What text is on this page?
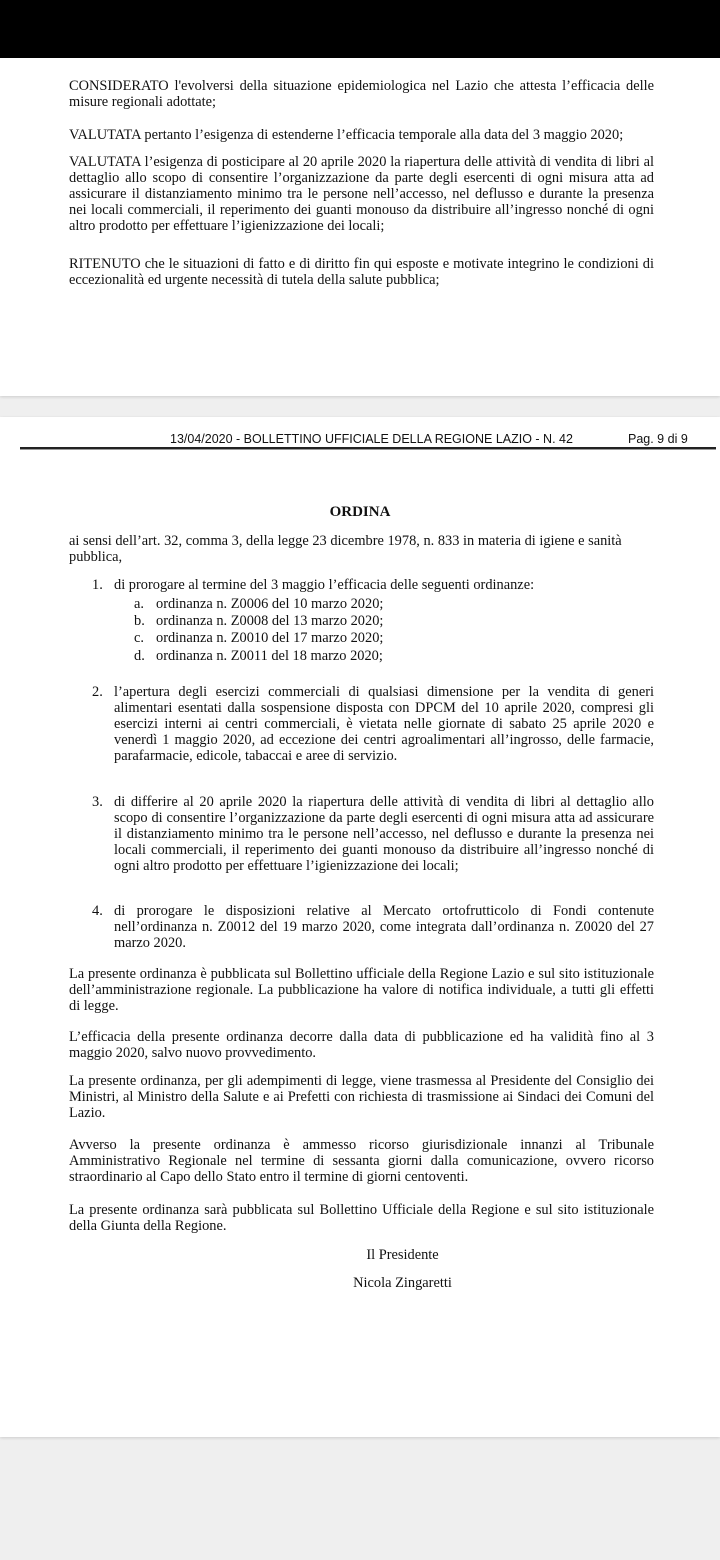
CONSIDERATO l'evolversi della situazione epidemiologica nel Lazio che attesta l’efficacia delle misure regionali adottate;

VALUTATA pertanto l’esigenza di estenderne l’efficacia temporale alla data del 3 maggio 2020;

VALUTATA l’esigenza di posticipare al 20 aprile 2020 la riapertura delle attività di vendita di libri al dettaglio allo scopo di consentire l’organizzazione da parte degli esercenti di ogni misura atta ad assicurare il distanziamento minimo tra le persone nell’accesso, nel deflusso e durante la presenza nei locali commerciali, il reperimento dei guanti monouso da distribuire all’ingresso nonché di ogni altro prodotto per effettuare l’igienizzazione dei locali;

RITENUTO che le situazioni di fatto e di diritto fin qui esposte e motivate integrino le condizioni di eccezionalità ed urgente necessità di tutela della salute pubblica;

13/04/2020 - BOLLETTINO UFFICIALE DELLA REGIONE LAZIO - N. 42	Pag. 9 di 9
ORDINA

ai sensi dell’art. 32, comma 3, della legge 23 dicembre 1978, n. 833 in materia di igiene e sanità pubblica,

1. di prorogare al termine del 3 maggio l’efficacia delle seguenti ordinanze:

a. ordinanza n. Z0006 del 10 marzo 2020;
b. ordinanza n. Z0008 del 13 marzo 2020;
c. ordinanza n. Z0010 del 17 marzo 2020;
d. ordinanza n. Z0011 del 18 marzo 2020;
2. l’apertura degli esercizi commerciali di qualsiasi dimensione per la vendita di generi alimentari esentati dalla sospensione disposta con DPCM del 10 aprile 2020, compresi gli esercizi interni ai centri commerciali, è vietata nelle giornate di sabato 25 aprile 2020 e venerdì 1 maggio 2020, ad eccezione dei centri agroalimentari all’ingrosso, delle farmacie, parafarmacie, edicole, tabaccai e aree di servizio.

3. di differire al 20 aprile 2020 la riapertura delle attività di vendita di libri al dettaglio allo scopo di consentire l’organizzazione da parte degli esercenti di ogni misura atta ad assicurare il distanziamento minimo tra le persone nell’accesso, nel deflusso e durante la presenza nei locali commerciali, il reperimento dei guanti monouso da distribuire all’ingresso nonché di ogni altro prodotto per effettuare l’igienizzazione dei locali;

4. di prorogare le disposizioni relative al Mercato ortofrutticolo di Fondi contenute nell’ordinanza n. Z0012 del 19 marzo 2020, come integrata dall’ordinanza n. Z0020 del 27 marzo 2020.

La presente ordinanza è pubblicata sul Bollettino ufficiale della Regione Lazio e sul sito istituzionale dell’amministrazione regionale. La pubblicazione ha valore di notifica individuale, a tutti gli effetti di legge.

L’efficacia della presente ordinanza decorre dalla data di pubblicazione ed ha validità fino al 3 maggio 2020, salvo nuovo provvedimento.

La presente ordinanza, per gli adempimenti di legge, viene trasmessa al Presidente del Consiglio dei Ministri, al Ministro della Salute e ai Prefetti con richiesta di trasmissione ai Sindaci dei Comuni del Lazio.

Avverso la presente ordinanza è ammesso ricorso giurisdizionale innanzi al Tribunale Amministrativo Regionale nel termine di sessanta giorni dalla comunicazione, ovvero ricorso straordinario al Capo dello Stato entro il termine di giorni centoventi.

La presente ordinanza sarà pubblicata sul Bollettino Ufficiale della Regione e sul sito istituzionale della Giunta della Regione.

Il Presidente
Nicola Zingaretti
